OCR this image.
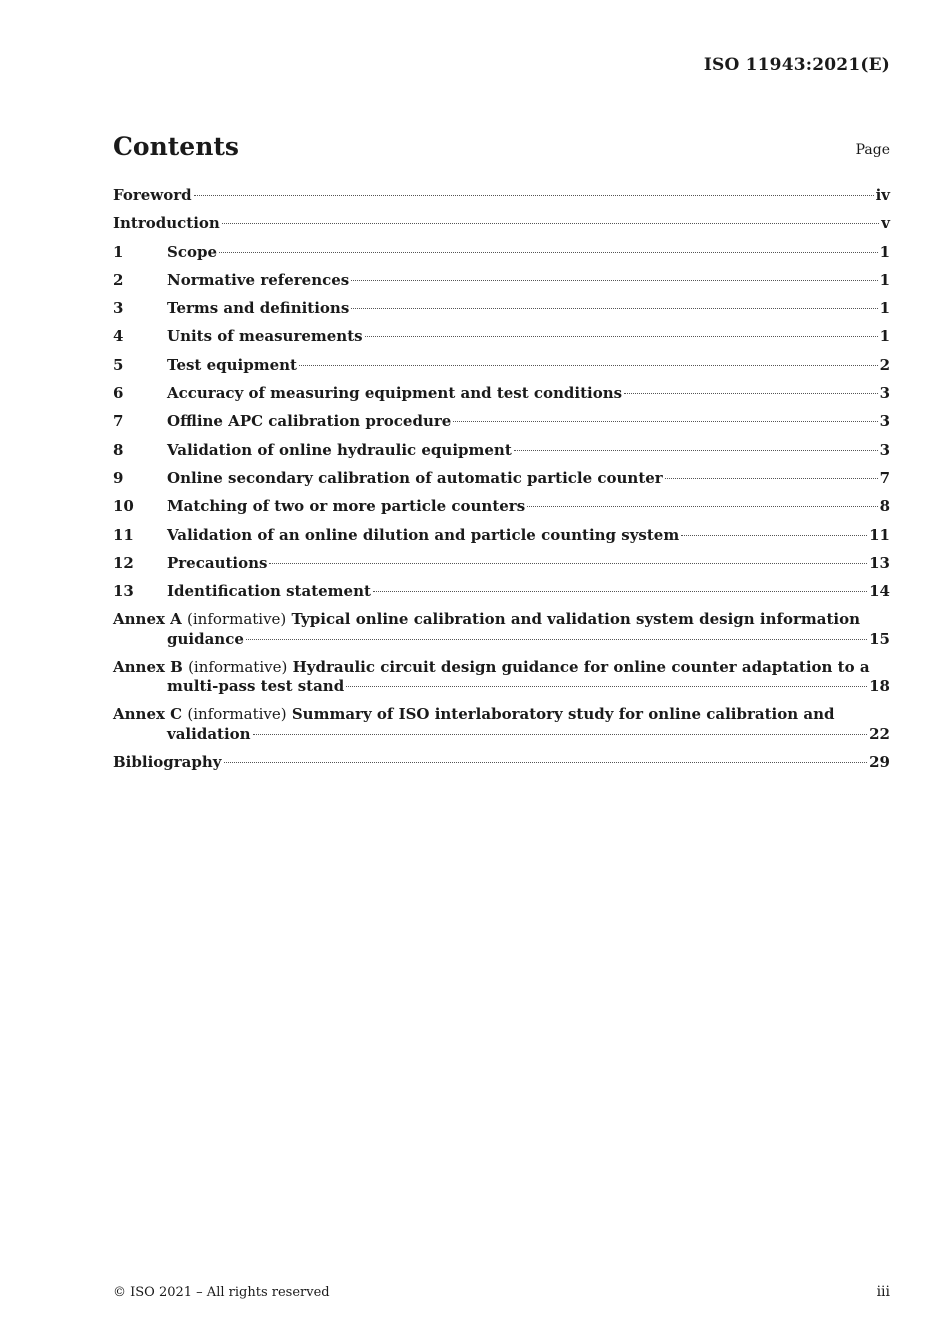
ISO 11943:2021(E)
Contents	Page
Foreword	iv
Introduction	v
1	Scope	1
2	Normative references	1
3	Terms and definitions	1
4	Units of measurements	1
5	Test equipment	2
6	Accuracy of measuring equipment and test conditions	3
7	Offline APC calibration procedure	3
8	Validation of online hydraulic equipment	3
9	Online secondary calibration of automatic particle counter	7
10	Matching of two or more particle counters	8
11	Validation of an online dilution and particle counting system	11
12	Precautions	13
13	Identification statement	14
Annex A (informative) Typical online calibration and validation system design information
guidance	15
Annex B (informative) Hydraulic circuit design guidance for online counter adaptation to a
multi-pass test stand	18
Annex C (informative) Summary of ISO interlaboratory study for online calibration and
validation	22
Bibliography	29
© ISO 2021 – All rights reserved	iii
